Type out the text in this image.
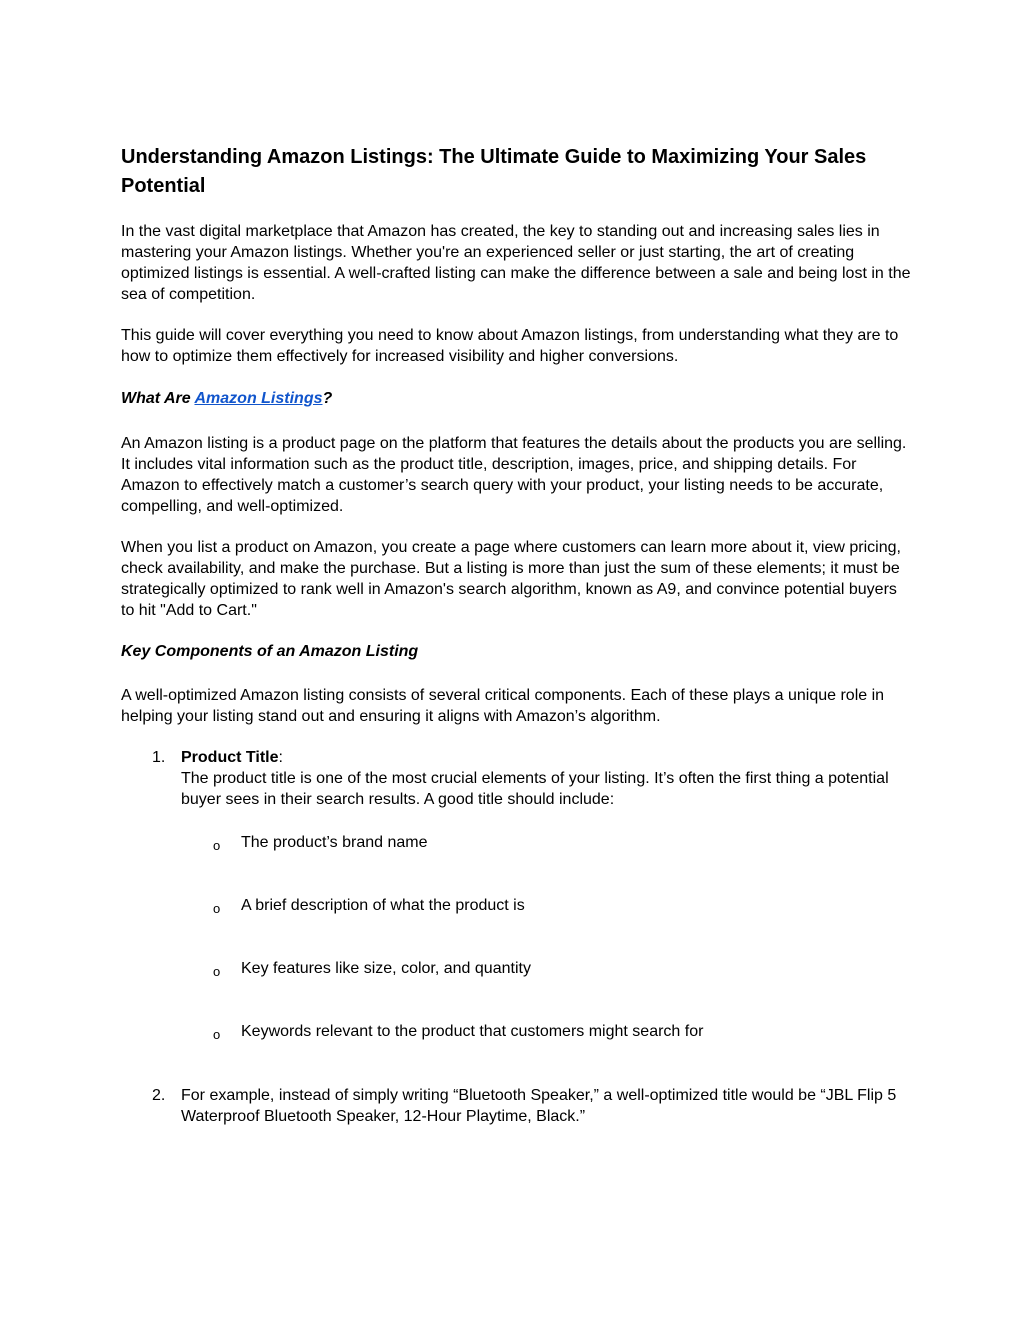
Understanding Amazon Listings: The Ultimate Guide to Maximizing Your Sales Potential

In the vast digital marketplace that Amazon has created, the key to standing out and increasing sales lies in mastering your Amazon listings. Whether you're an experienced seller or just starting, the art of creating optimized listings is essential. A well-crafted listing can make the difference between a sale and being lost in the sea of competition.

This guide will cover everything you need to know about Amazon listings, from understanding what they are to how to optimize them effectively for increased visibility and higher conversions.

What Are Amazon Listings?

An Amazon listing is a product page on the platform that features the details about the products you are selling. It includes vital information such as the product title, description, images, price, and shipping details. For Amazon to effectively match a customer’s search query with your product, your listing needs to be accurate, compelling, and well-optimized.

When you list a product on Amazon, you create a page where customers can learn more about it, view pricing, check availability, and make the purchase. But a listing is more than just the sum of these elements; it must be strategically optimized to rank well in Amazon's search algorithm, known as A9, and convince potential buyers to hit "Add to Cart."

Key Components of an Amazon Listing

A well-optimized Amazon listing consists of several critical components. Each of these plays a unique role in helping your listing stand out and ensuring it aligns with Amazon’s algorithm.

1. Product Title:
The product title is one of the most crucial elements of your listing. It’s often the first thing a potential buyer sees in their search results. A good title should include:
o The product’s brand name
o A brief description of what the product is
o Key features like size, color, and quantity
o Keywords relevant to the product that customers might search for
2. For example, instead of simply writing “Bluetooth Speaker,” a well-optimized title would be “JBL Flip 5 Waterproof Bluetooth Speaker, 12-Hour Playtime, Black.”
